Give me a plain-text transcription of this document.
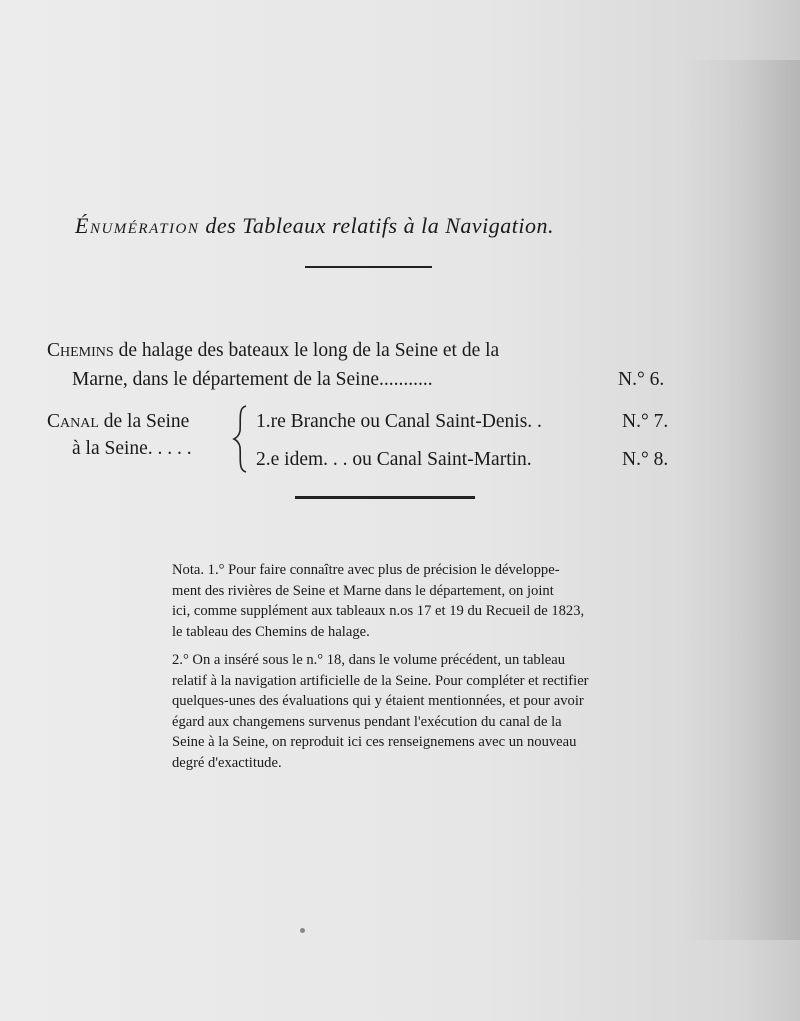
Énumération des Tableaux relatifs à la Navigation.
Chemins de halage des bateaux le long de la Seine et de la
Marne, dans le département de la Seine...........	N.° 6.
Canal de la Seine
à la Seine. . . . .
1.re Branche ou Canal Saint-Denis. .	N.° 7.
2.e idem. . . ou Canal Saint-Martin.	N.° 8.
Nota. 1.° Pour faire connaître avec plus de précision le développe-
ment des rivières de Seine et Marne dans le département, on joint
ici, comme supplément aux tableaux n.os 17 et 19 du Recueil de 1823,
le tableau des Chemins de halage.
2.° On a inséré sous le n.° 18, dans le volume précédent, un tableau
relatif à la navigation artificielle de la Seine. Pour compléter et rectifier
quelques-unes des évaluations qui y étaient mentionnées, et pour avoir
égard aux changemens survenus pendant l'exécution du canal de la
Seine à la Seine, on reproduit ici ces renseignemens avec un nouveau
degré d'exactitude.
